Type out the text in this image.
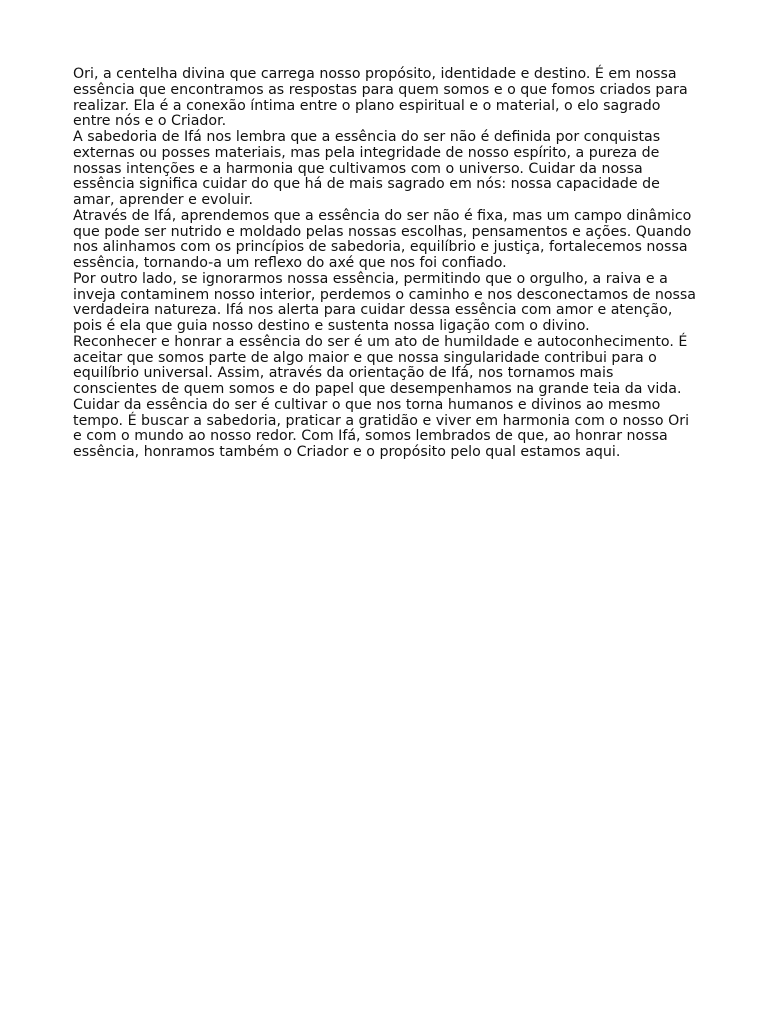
Ori, a centelha divina que carrega nosso propósito, identidade e destino. É em nossa essência que encontramos as respostas para quem somos e o que fomos criados para realizar. Ela é a conexão íntima entre o plano espiritual e o material, o elo sagrado entre nós e o Criador.

A sabedoria de Ifá nos lembra que a essência do ser não é definida por conquistas externas ou posses materiais, mas pela integridade de nosso espírito, a pureza de nossas intenções e a harmonia que cultivamos com o universo. Cuidar da nossa essência significa cuidar do que há de mais sagrado em nós: nossa capacidade de amar, aprender e evoluir.

Através de Ifá, aprendemos que a essência do ser não é fixa, mas um campo dinâmico que pode ser nutrido e moldado pelas nossas escolhas, pensamentos e ações. Quando nos alinhamos com os princípios de sabedoria, equilíbrio e justiça, fortalecemos nossa essência, tornando-a um reflexo do axé que nos foi confiado.

Por outro lado, se ignorarmos nossa essência, permitindo que o orgulho, a raiva e a inveja contaminem nosso interior, perdemos o caminho e nos desconectamos de nossa verdadeira natureza. Ifá nos alerta para cuidar dessa essência com amor e atenção, pois é ela que guia nosso destino e sustenta nossa ligação com o divino.

Reconhecer e honrar a essência do ser é um ato de humildade e autoconhecimento. É aceitar que somos parte de algo maior e que nossa singularidade contribui para o equilíbrio universal. Assim, através da orientação de Ifá, nos tornamos mais conscientes de quem somos e do papel que desempenhamos na grande teia da vida.

Cuidar da essência do ser é cultivar o que nos torna humanos e divinos ao mesmo tempo. É buscar a sabedoria, praticar a gratidão e viver em harmonia com o nosso Ori e com o mundo ao nosso redor. Com Ifá, somos lembrados de que, ao honrar nossa essência, honramos também o Criador e o propósito pelo qual estamos aqui.
